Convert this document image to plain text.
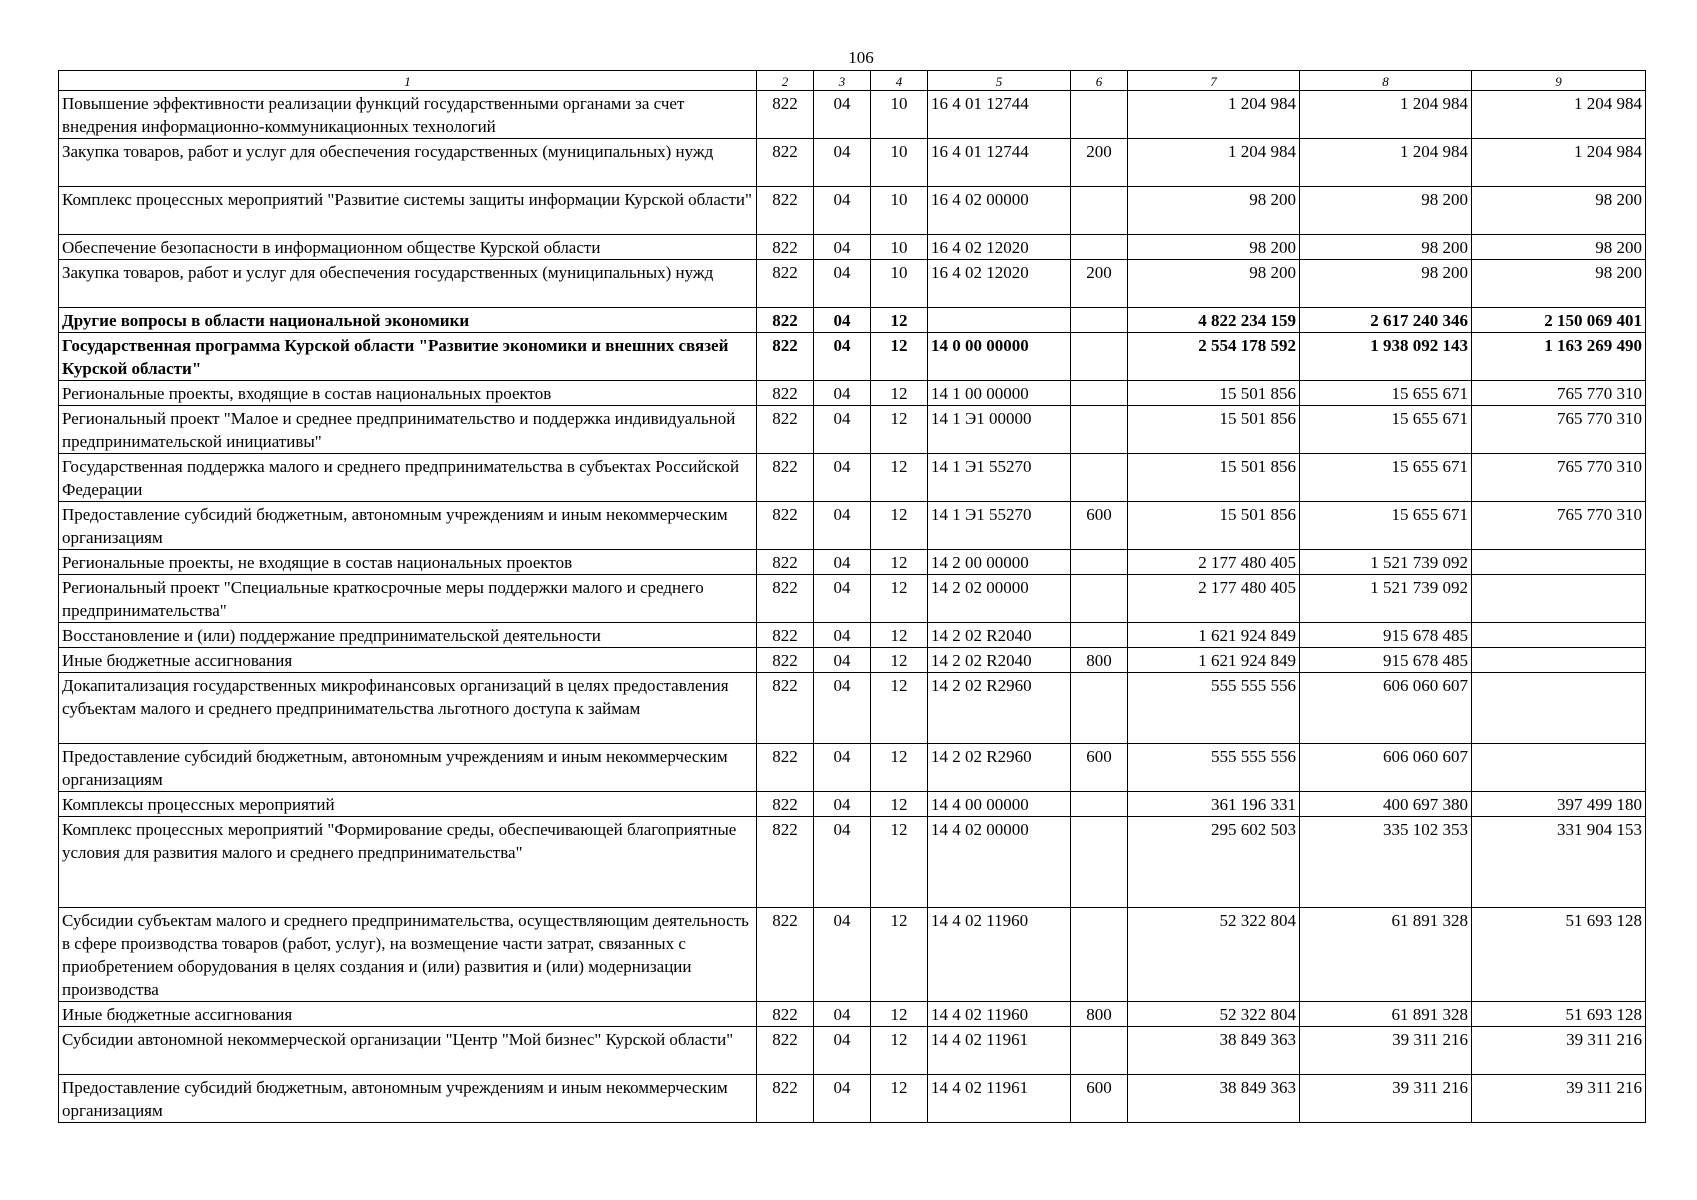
106
1	2	3	4	5	6	7	8	9
Повышение эффективности реализации функций государственными органами за счет внедрения информационно-коммуникационных технологий	822	04	10	16 4 01 12744		1 204 984	1 204 984	1 204 984
Закупка товаров, работ и услуг для обеспечения государственных (муниципальных) нужд	822	04	10	16 4 01 12744	200	1 204 984	1 204 984	1 204 984
Комплекс процессных мероприятий "Развитие системы защиты информации Курской области"	822	04	10	16 4 02 00000		98 200	98 200	98 200
Обеспечение безопасности в информационном обществе Курской области	822	04	10	16 4 02 12020		98 200	98 200	98 200
Закупка товаров, работ и услуг для обеспечения государственных (муниципальных) нужд	822	04	10	16 4 02 12020	200	98 200	98 200	98 200
Другие вопросы в области национальной экономики	822	04	12			4 822 234 159	2 617 240 346	2 150 069 401
Государственная программа Курской области "Развитие экономики и внешних связей Курской области"	822	04	12	14 0 00 00000		2 554 178 592	1 938 092 143	1 163 269 490
Региональные проекты, входящие в состав национальных проектов	822	04	12	14 1 00 00000		15 501 856	15 655 671	765 770 310
Региональный проект "Малое и среднее предпринимательство и поддержка индивидуальной предпринимательской инициативы"	822	04	12	14 1 Э1 00000		15 501 856	15 655 671	765 770 310
Государственная поддержка малого и среднего предпринимательства в субъектах Российской Федерации	822	04	12	14 1 Э1 55270		15 501 856	15 655 671	765 770 310
Предоставление субсидий бюджетным, автономным учреждениям и иным некоммерческим организациям	822	04	12	14 1 Э1 55270	600	15 501 856	15 655 671	765 770 310
Региональные проекты, не входящие в состав национальных проектов	822	04	12	14 2 00 00000		2 177 480 405	1 521 739 092	
Региональный проект "Специальные краткосрочные меры поддержки малого и среднего предпринимательства"	822	04	12	14 2 02 00000		2 177 480 405	1 521 739 092	
Восстановление и (или) поддержание предпринимательской деятельности	822	04	12	14 2 02 R2040		1 621 924 849	915 678 485	
Иные бюджетные ассигнования	822	04	12	14 2 02 R2040	800	1 621 924 849	915 678 485	
Докапитализация государственных микрофинансовых организаций в целях предоставления субъектам малого и среднего предпринимательства льготного доступа к займам	822	04	12	14 2 02 R2960		555 555 556	606 060 607	
Предоставление субсидий бюджетным, автономным учреждениям и иным некоммерческим организациям	822	04	12	14 2 02 R2960	600	555 555 556	606 060 607	
Комплексы процессных мероприятий	822	04	12	14 4 00 00000		361 196 331	400 697 380	397 499 180
Комплекс процессных мероприятий "Формирование среды, обеспечивающей благоприятные условия для развития малого и среднего предпринимательства"	822	04	12	14 4 02 00000		295 602 503	335 102 353	331 904 153
Субсидии субъектам малого и среднего предпринимательства, осуществляющим деятельность в сфере производства товаров (работ, услуг), на возмещение части затрат, связанных с приобретением оборудования в целях создания и (или) развития и (или) модернизации производства	822	04	12	14 4 02 11960		52 322 804	61 891 328	51 693 128
Иные бюджетные ассигнования	822	04	12	14 4 02 11960	800	52 322 804	61 891 328	51 693 128
Субсидии автономной некоммерческой организации "Центр "Мой бизнес" Курской области"	822	04	12	14 4 02 11961		38 849 363	39 311 216	39 311 216
Предоставление субсидий бюджетным, автономным учреждениям и иным некоммерческим организациям	822	04	12	14 4 02 11961	600	38 849 363	39 311 216	39 311 216
